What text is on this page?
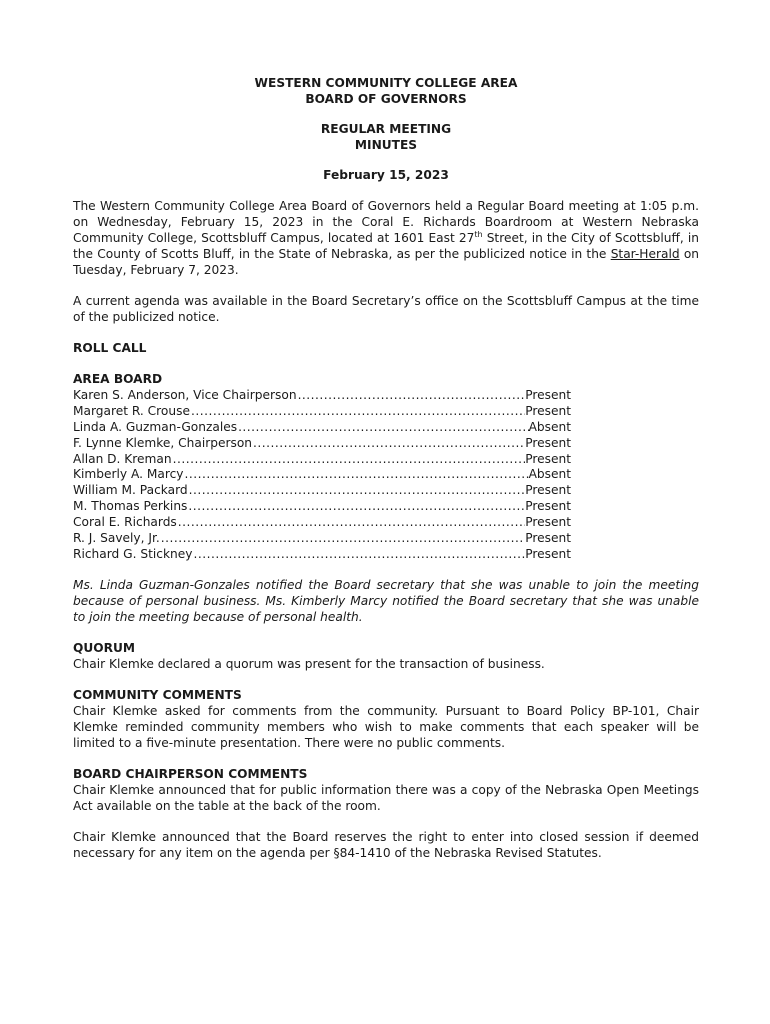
WESTERN COMMUNITY COLLEGE AREA
BOARD OF GOVERNORS
REGULAR MEETING
MINUTES
February 15, 2023

The Western Community College Area Board of Governors held a Regular Board meeting at 1:05 p.m. on Wednesday, February 15, 2023 in the Coral E. Richards Boardroom at Western Nebraska Community College, Scottsbluff Campus, located at 1601 East 27th Street, in the City of Scottsbluff, in the County of Scotts Bluff, in the State of Nebraska, as per the publicized notice in the Star-Herald on Tuesday, February 7, 2023.

A current agenda was available in the Board Secretary’s office on the Scottsbluff Campus at the time of the publicized notice.

ROLL CALL
AREA BOARD
Karen S. Anderson, Vice Chairperson .....	Present
Margaret R. Crouse .....	Present
Linda A. Guzman-Gonzales .....	Absent
F. Lynne Klemke, Chairperson .....	Present
Allan D. Kreman .....	Present
Kimberly A. Marcy .....	Absent
William M. Packard .....	Present
M. Thomas Perkins .....	Present
Coral E. Richards .....	Present
R. J. Savely, Jr. .....	Present
Richard G. Stickney .....	Present

Ms. Linda Guzman-Gonzales notified the Board secretary that she was unable to join the meeting because of personal business. Ms. Kimberly Marcy notified the Board secretary that she was unable to join the meeting because of personal health.

QUORUM

Chair Klemke declared a quorum was present for the transaction of business.

COMMUNITY COMMENTS

Chair Klemke asked for comments from the community. Pursuant to Board Policy BP-101, Chair Klemke reminded community members who wish to make comments that each speaker will be limited to a five-minute presentation. There were no public comments.

BOARD CHAIRPERSON COMMENTS

Chair Klemke announced that for public information there was a copy of the Nebraska Open Meetings Act available on the table at the back of the room.

Chair Klemke announced that the Board reserves the right to enter into closed session if deemed necessary for any item on the agenda per §84-1410 of the Nebraska Revised Statutes.
